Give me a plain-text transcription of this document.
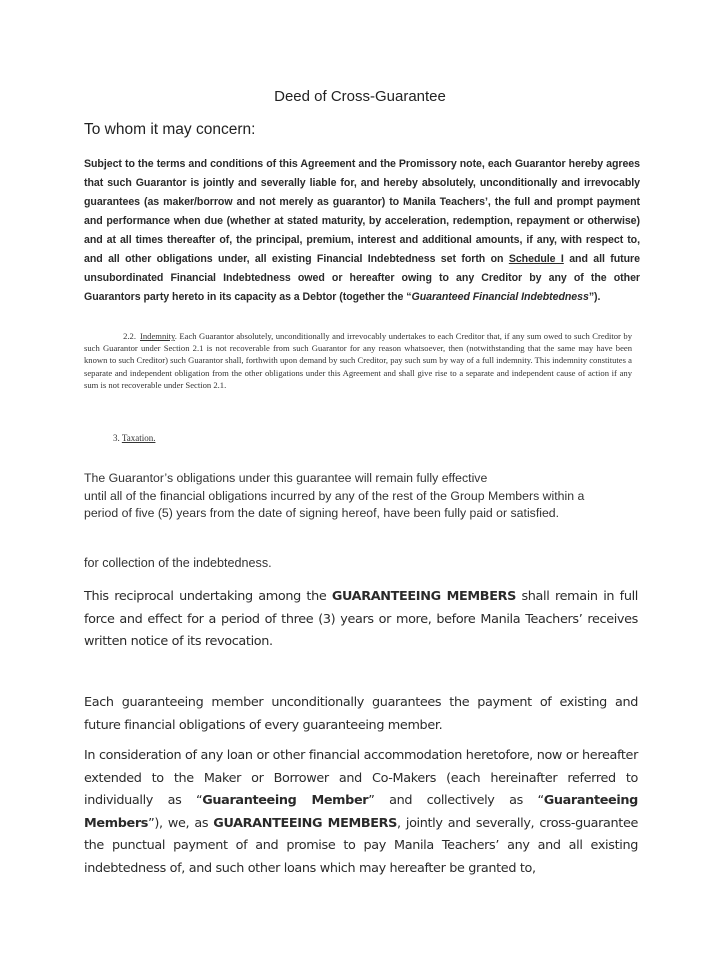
Deed of Cross-Guarantee
To whom it may concern:
Subject to the terms and conditions of this Agreement and the Promissory note, each Guarantor hereby agrees that such Guarantor is jointly and severally liable for, and hereby absolutely, unconditionally and irrevocably guarantees (as maker/borrow and not merely as guarantor) to Manila Teachers’, the full and prompt payment and performance when due (whether at stated maturity, by acceleration, redemption, repayment or otherwise) and at all times thereafter of, the principal, premium, interest and additional amounts, if any, with respect to, and all other obligations under, all existing Financial Indebtedness set forth on Schedule I and all future unsubordinated Financial Indebtedness owed or hereafter owing to any Creditor by any of the other Guarantors party hereto in its capacity as a Debtor (together the “Guaranteed Financial Indebtedness”).
2.2. Indemnity. Each Guarantor absolutely, unconditionally and irrevocably undertakes to each Creditor that, if any sum owed to such Creditor by such Guarantor under Section 2.1 is not recoverable from such Guarantor for any reason whatsoever, then (notwithstanding that the same may have been known to such Creditor) such Guarantor shall, forthwith upon demand by such Creditor, pay such sum by way of a full indemnity. This indemnity constitutes a separate and independent obligation from the other obligations under this Agreement and shall give rise to a separate and independent cause of action if any sum is not recoverable under Section 2.1.
3. Taxation.
The Guarantor’s obligations under this guarantee will remain fully effective
until all of the financial obligations incurred by any of the rest of the Group Members within a
period of five (5) years from the date of signing hereof, have been fully paid or satisfied.
for collection of the indebtedness.
This reciprocal undertaking among the GUARANTEEING MEMBERS shall remain in full force and effect for a period of three (3) years or more, before Manila Teachers’ receives written notice of its revocation.
Each guaranteeing member unconditionally guarantees the payment of existing and future financial obligations of every guaranteeing member.
In consideration of any loan or other financial accommodation heretofore, now or hereafter extended to the Maker or Borrower and Co-Makers (each hereinafter referred to individually as “Guaranteeing Member” and collectively as “Guaranteeing Members”), we, as GUARANTEEING MEMBERS, jointly and severally, cross-guarantee the punctual payment of and promise to pay Manila Teachers’ any and all existing indebtedness of, and such other loans which may hereafter be granted to,
